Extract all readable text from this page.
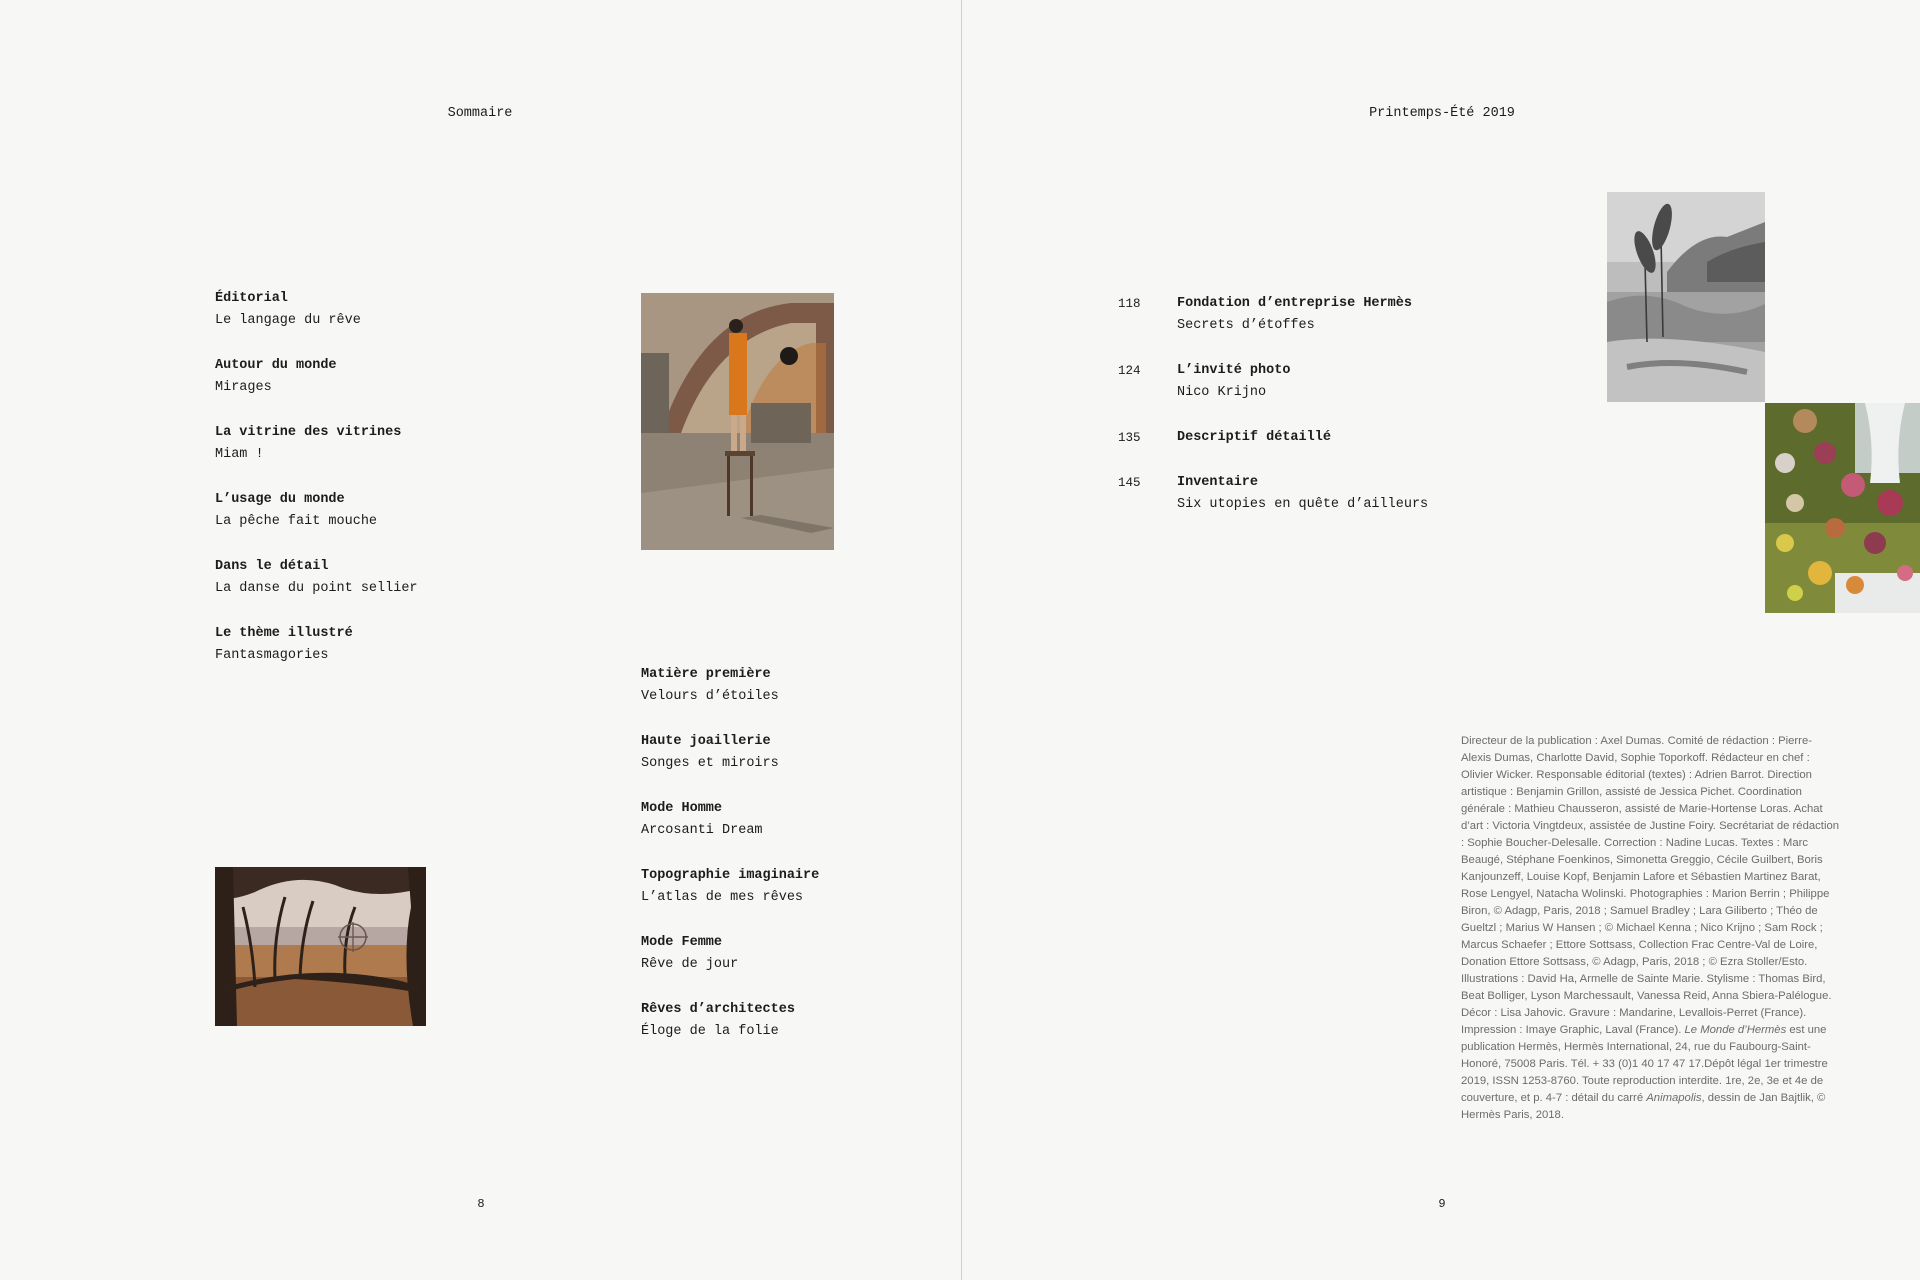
Sommaire
Éditorial
Le langage du rêve
Autour du monde
Mirages
La vitrine des vitrines
Miam !
L’usage du monde
La pêche fait mouche
Dans le détail
La danse du point sellier
Le thème illustré
Fantasmagories
Matière première
Velours d’étoiles
Haute joaillerie
Songes et miroirs
Mode Homme
Arcosanti Dream
Topographie imaginaire
L’atlas de mes rêves
Mode Femme
Rêve de jour
Rêves d’architectes
Éloge de la folie
8
Printemps-Été 2019
118	Fondation d’entreprise Hermès
Secrets d’étoffes
124	L’invité photo
Nico Krijno
135	Descriptif détaillé
145	Inventaire
Six utopies en quête d’ailleurs
Directeur de la publication : Axel Dumas. Comité de rédaction : Pierre-Alexis Dumas, Charlotte David, Sophie Toporkoff. Rédacteur en chef : Olivier Wicker. Responsable éditorial (textes) : Adrien Barrot. Direction artistique : Benjamin Grillon, assisté de Jessica Pichet. Coordination générale : Mathieu Chausseron, assisté de Marie-Hortense Loras. Achat d’art : Victoria Vingtdeux, assistée de Justine Foiry. Secrétariat de rédaction : Sophie Boucher-Delesalle. Correction : Nadine Lucas. Textes : Marc Beaugé, Stéphane Foenkinos, Simonetta Greggio, Cécile Guilbert, Boris Kanjounzeff, Louise Kopf, Benjamin Lafore et Sébastien Martinez Barat, Rose Lengyel, Natacha Wolinski. Photographies : Marion Berrin ; Philippe Biron, © Adagp, Paris, 2018 ; Samuel Bradley ; Lara Giliberto ; Théo de Gueltzl ; Marius W Hansen ; © Michael Kenna ; Nico Krijno ; Sam Rock ; Marcus Schaefer ; Ettore Sottsass, Collection Frac Centre-Val de Loire, Donation Ettore Sottsass, © Adagp, Paris, 2018 ; © Ezra Stoller/Esto. Illustrations : David Ha, Armelle de Sainte Marie. Stylisme : Thomas Bird, Beat Bolliger, Lyson Marchessault, Vanessa Reid, Anna Sbiera-Palélogue. Décor : Lisa Jahovic. Gravure : Mandarine, Levallois-Perret (France). Impression : Imaye Graphic, Laval (France). Le Monde d’Hermès est une publication Hermès, Hermès International, 24, rue du Faubourg-Saint-Honoré, 75008 Paris. Tél. + 33 (0)1 40 17 47 17.Dépôt légal 1er trimestre 2019, ISSN 1253-8760. Toute reproduction interdite. 1re, 2e, 3e et 4e de couverture, et p. 4-7 : détail du carré Animapolis, dessin de Jan Bajtlik, © Hermès Paris, 2018.
9
